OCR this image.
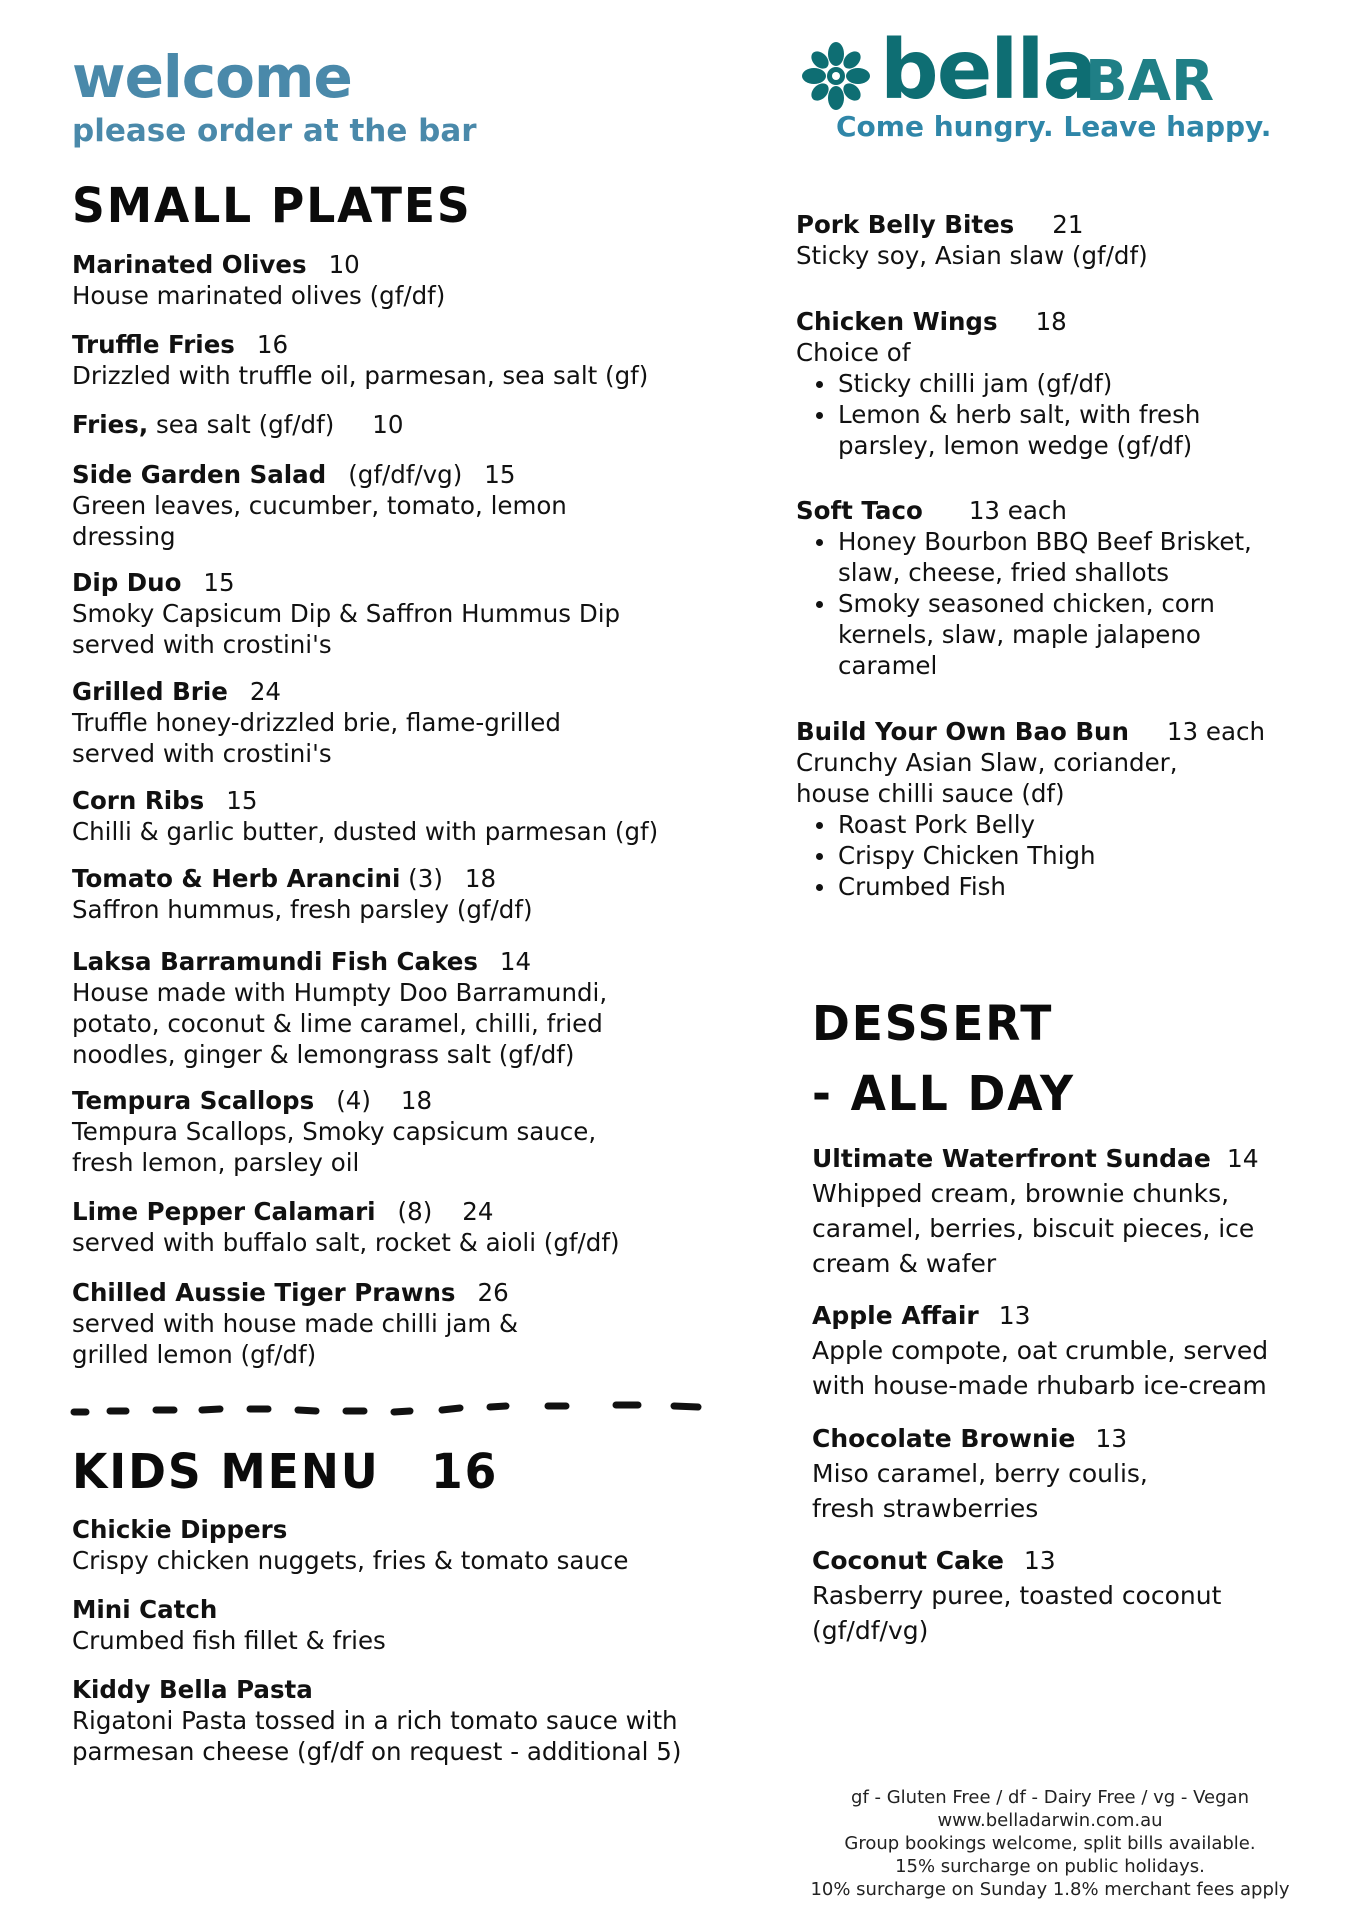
welcome
please order at the bar
bella
BAR
Come hungry. Leave happy.
SMALL PLATES
Marinated Olives 10
House marinated olives (gf/df)
Truffle Fries 16
Drizzled with truffle oil, parmesan, sea salt (gf)
Fries, sea salt (gf/df) 10
Side Garden Salad (gf/df/vg) 15
Green leaves, cucumber, tomato, lemon dressing
Dip Duo 15
Smoky Capsicum Dip & Saffron Hummus Dip served with crostini's
Grilled Brie 24
Truffle honey-drizzled brie, flame-grilled served with crostini's
Corn Ribs 15
Chilli & garlic butter, dusted with parmesan (gf)
Tomato & Herb Arancini (3) 18
Saffron hummus, fresh parsley (gf/df)
Laksa Barramundi Fish Cakes 14
House made with Humpty Doo Barramundi, potato, coconut & lime caramel, chilli, fried noodles, ginger & lemongrass salt (gf/df)
Tempura Scallops (4) 18
Tempura Scallops, Smoky capsicum sauce, fresh lemon, parsley oil
Lime Pepper Calamari (8) 24
served with buffalo salt, rocket & aioli (gf/df)
Chilled Aussie Tiger Prawns 26
served with house made chilli jam & grilled lemon (gf/df)
KIDS MENU 16
Chickie Dippers
Crispy chicken nuggets, fries & tomato sauce
Mini Catch
Crumbed fish fillet & fries
Kiddy Bella Pasta
Rigatoni Pasta tossed in a rich tomato sauce with parmesan cheese (gf/df on request - additional 5)
Pork Belly Bites 21
Sticky soy, Asian slaw (gf/df)
Chicken Wings 18
Choice of
Sticky chilli jam (gf/df)
Lemon & herb salt, with fresh parsley, lemon wedge (gf/df)
Soft Taco 13 each
Honey Bourbon BBQ Beef Brisket, slaw, cheese, fried shallots
Smoky seasoned chicken, corn kernels, slaw, maple jalapeno caramel
Build Your Own Bao Bun 13 each
Crunchy Asian Slaw, coriander, house chilli sauce (df)
Roast Pork Belly
Crispy Chicken Thigh
Crumbed Fish
DESSERT
- ALL DAY
Ultimate Waterfront Sundae 14
Whipped cream, brownie chunks, caramel, berries, biscuit pieces, ice cream & wafer
Apple Affair 13
Apple compote, oat crumble, served with house-made rhubarb ice-cream
Chocolate Brownie 13
Miso caramel, berry coulis, fresh strawberries
Coconut Cake 13
Rasberry puree, toasted coconut (gf/df/vg)
gf - Gluten Free / df - Dairy Free / vg - Vegan
www.belladarwin.com.au
Group bookings welcome, split bills available.
15% surcharge on public holidays.
10% surcharge on Sunday 1.8% merchant fees apply
